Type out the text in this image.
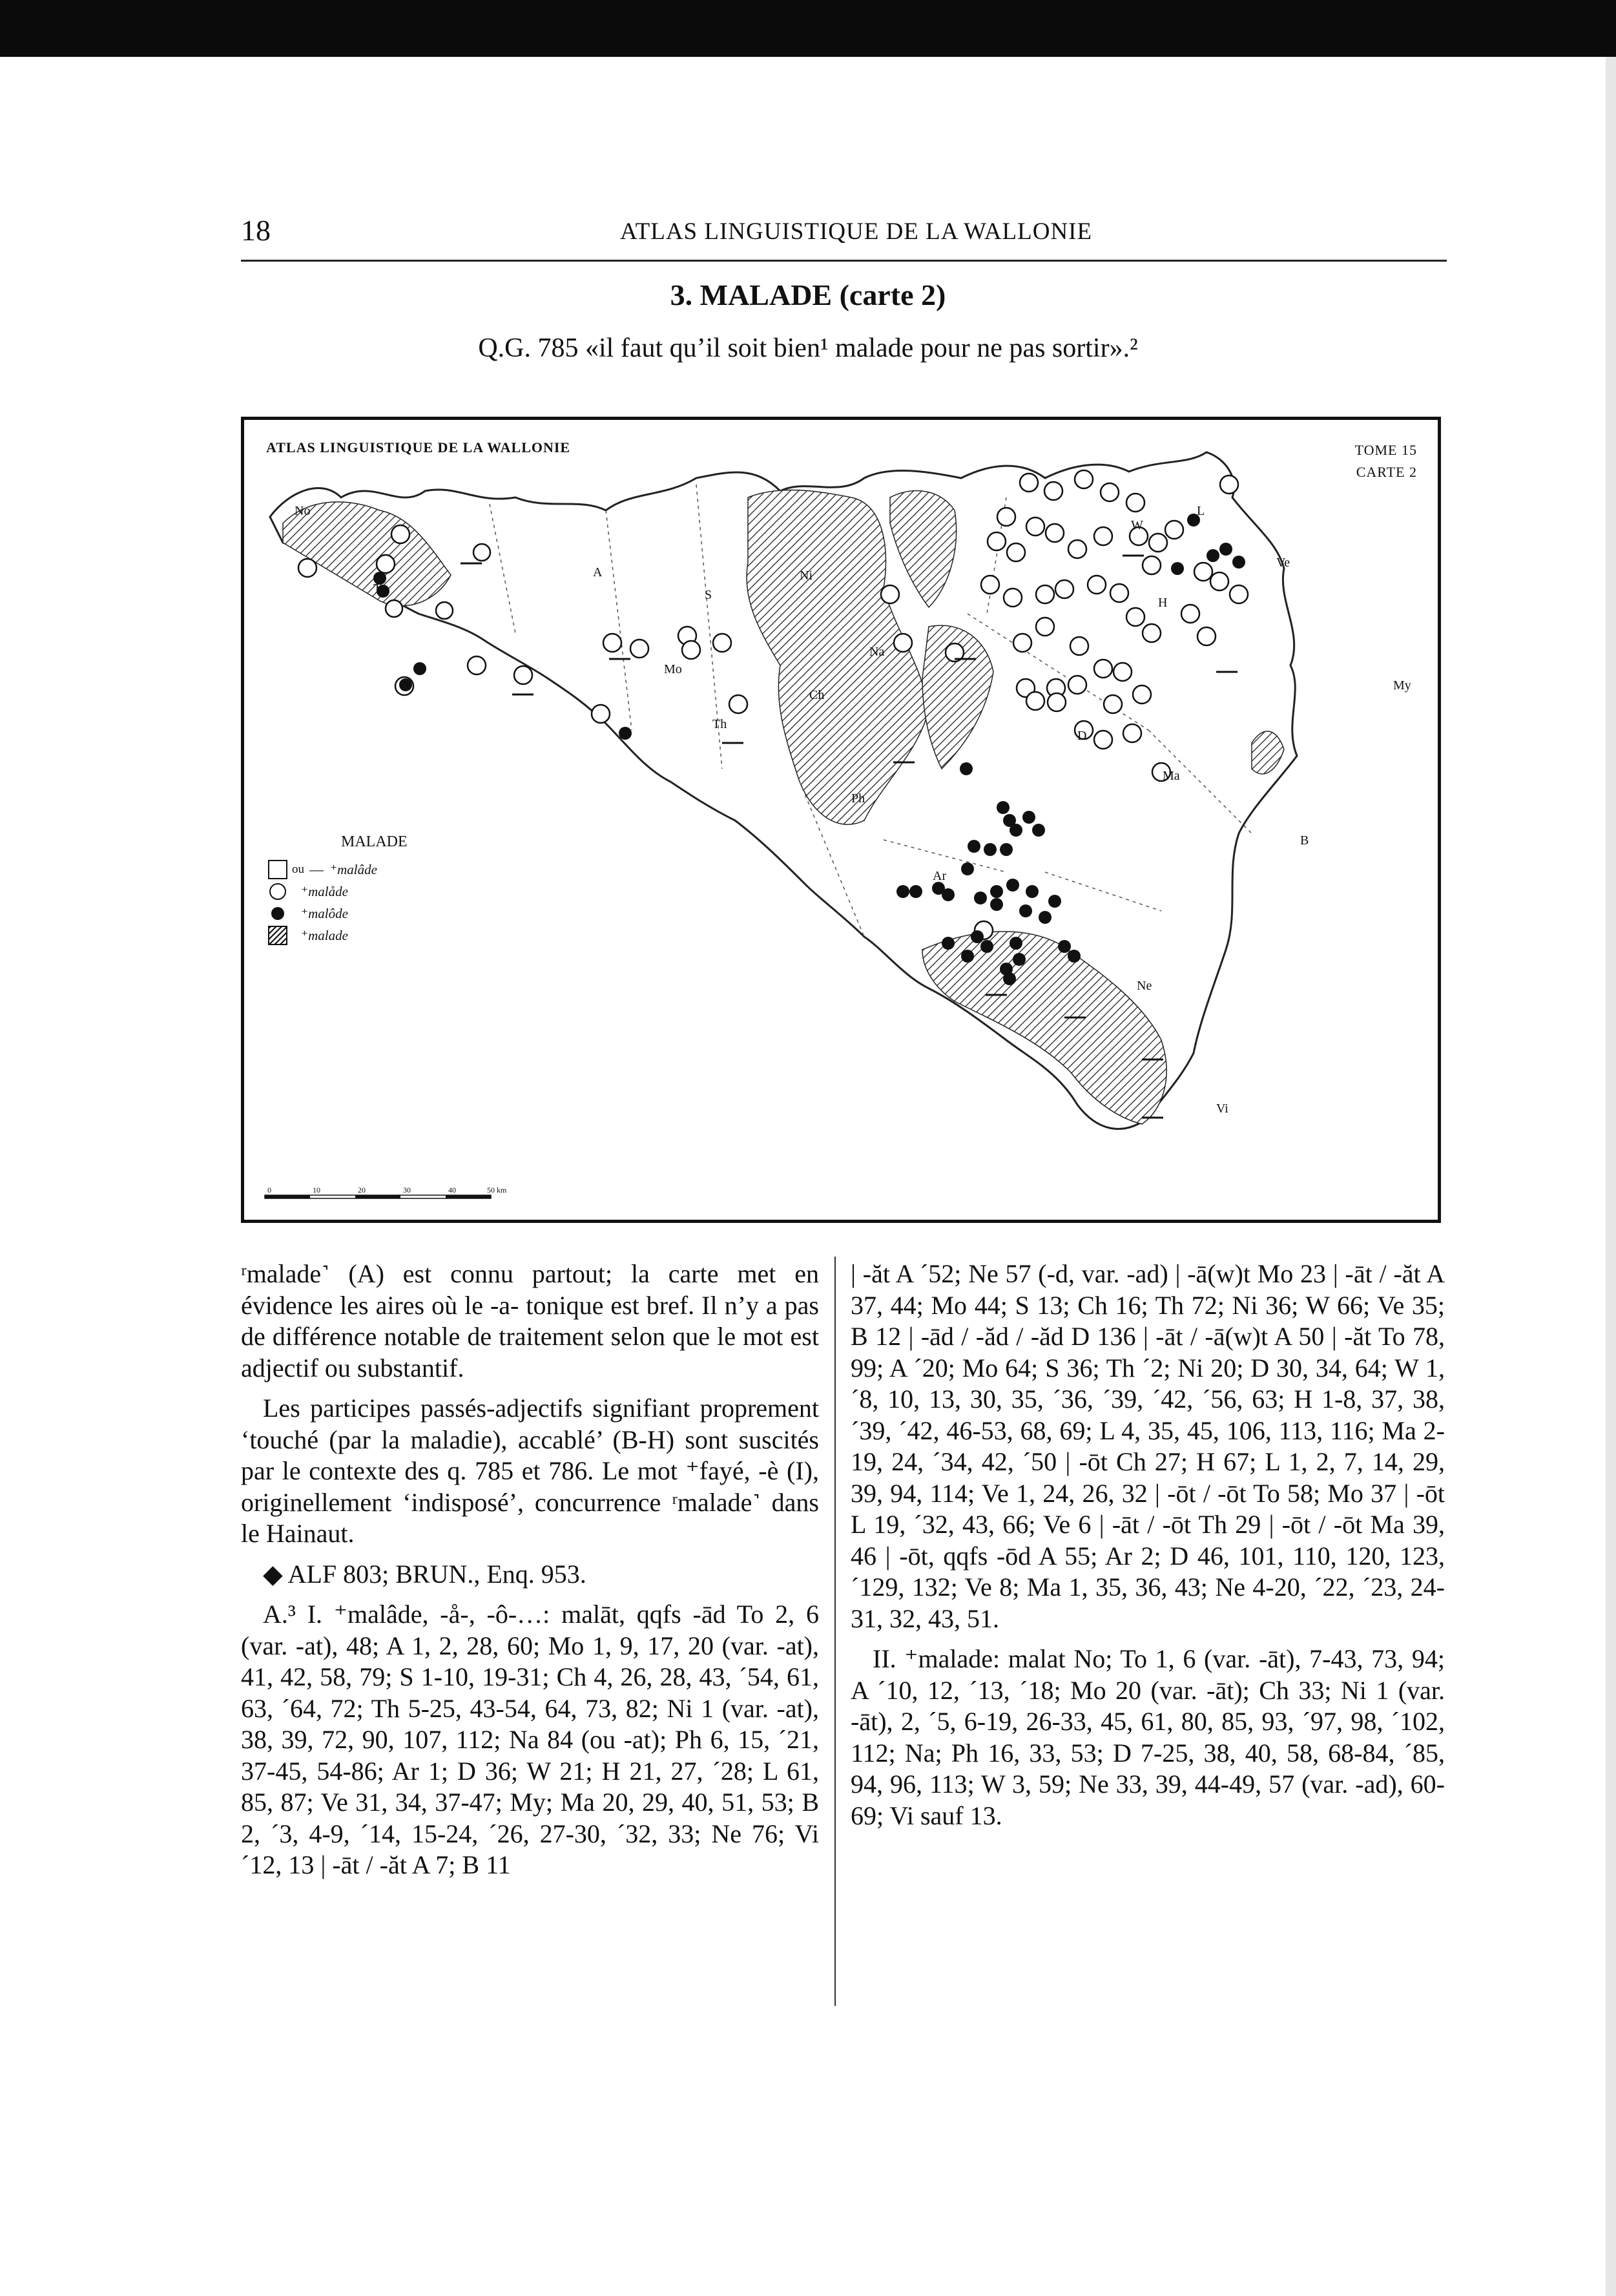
18	ATLAS LINGUISTIQUE DE LA WALLONIE
3. MALADE (carte 2)
Q.G. 785 «il faut qu’il soit bien¹ malade pour ne pas sortir».²
ATLAS LINGUISTIQUE DE LA WALLONIE	TOME 15
CARTE 2
No
To
A
S
Mo
Ni
Na
Ch
Th
Ph
Ar
W
L
Ve
H
Ma
My
D
B
Ne
Vi
0	10	20	30	40	50 km
MALADE
ou — ⁺malâde
⁺malåde
⁺malôde
⁺malade

ʳmalade˺ (A) est connu partout; la carte met en évidence les aires où le -a- tonique est bref. Il n’y a pas de différence notable de traitement selon que le mot est adjectif ou substantif.

Les participes passés-adjectifs signifiant proprement ‘touché (par la maladie), accablé’ (B-H) sont suscités par le contexte des q. 785 et 786. Le mot ⁺fayé, -è (I), originellement ‘indisposé’, concurrence ʳmalade˺ dans le Hainaut.

◆ ALF 803; BRUN., Enq. 953.

A.³ I. ⁺malâde, -å-, -ô-…: malāt, qqfs -ād To 2, 6 (var. -at), 48; A 1, 2, 28, 60; Mo 1, 9, 17, 20 (var. -at), 41, 42, 58, 79; S 1-10, 19-31; Ch 4, 26, 28, 43, ´54, 61, 63, ´64, 72; Th 5-25, 43-54, 64, 73, 82; Ni 1 (var. -at), 38, 39, 72, 90, 107, 112; Na 84 (ou -at); Ph 6, 15, ´21, 37-45, 54-86; Ar 1; D 36; W 21; H 21, 27, ´28; L 61, 85, 87; Ve 31, 34, 37-47; My; Ma 20, 29, 40, 51, 53; B 2, ´3, 4-9, ´14, 15-24, ´26, 27-30, ´32, 33; Ne 76; Vi ´12, 13 | -āt / -ăt A 7; B 11

| -ăt A ´52; Ne 57 (-d, var. -ad) | -ā(w)t Mo 23 | -āt / -ăt A 37, 44; Mo 44; S 13; Ch 16; Th 72; Ni 36; W 66; Ve 35; B 12 | -ād / -ăd / -ăd D 136 | -āt / -ā(w)t A 50 | -ăt To 78, 99; A ´20; Mo 64; S 36; Th ´2; Ni 20; D 30, 34, 64; W 1, ´8, 10, 13, 30, 35, ´36, ´39, ´42, ´56, 63; H 1-8, 37, 38, ´39, ´42, 46-53, 68, 69; L 4, 35, 45, 106, 113, 116; Ma 2-19, 24, ´34, 42, ´50 | -ōt Ch 27; H 67; L 1, 2, 7, 14, 29, 39, 94, 114; Ve 1, 24, 26, 32 | -ōt / -ōt To 58; Mo 37 | -ōt L 19, ´32, 43, 66; Ve 6 | -āt / -ōt Th 29 | -ōt / -ōt Ma 39, 46 | -ōt, qqfs -ōd A 55; Ar 2; D 46, 101, 110, 120, 123, ´129, 132; Ve 8; Ma 1, 35, 36, 43; Ne 4-20, ´22, ´23, 24-31, 32, 43, 51.

II. ⁺malade: malat No; To 1, 6 (var. -āt), 7-43, 73, 94; A ´10, 12, ´13, ´18; Mo 20 (var. -āt); Ch 33; Ni 1 (var. -āt), 2, ´5, 6-19, 26-33, 45, 61, 80, 85, 93, ´97, 98, ´102, 112; Na; Ph 16, 33, 53; D 7-25, 38, 40, 58, 68-84, ´85, 94, 96, 113; W 3, 59; Ne 33, 39, 44-49, 57 (var. -ad), 60-69; Vi sauf 13.
